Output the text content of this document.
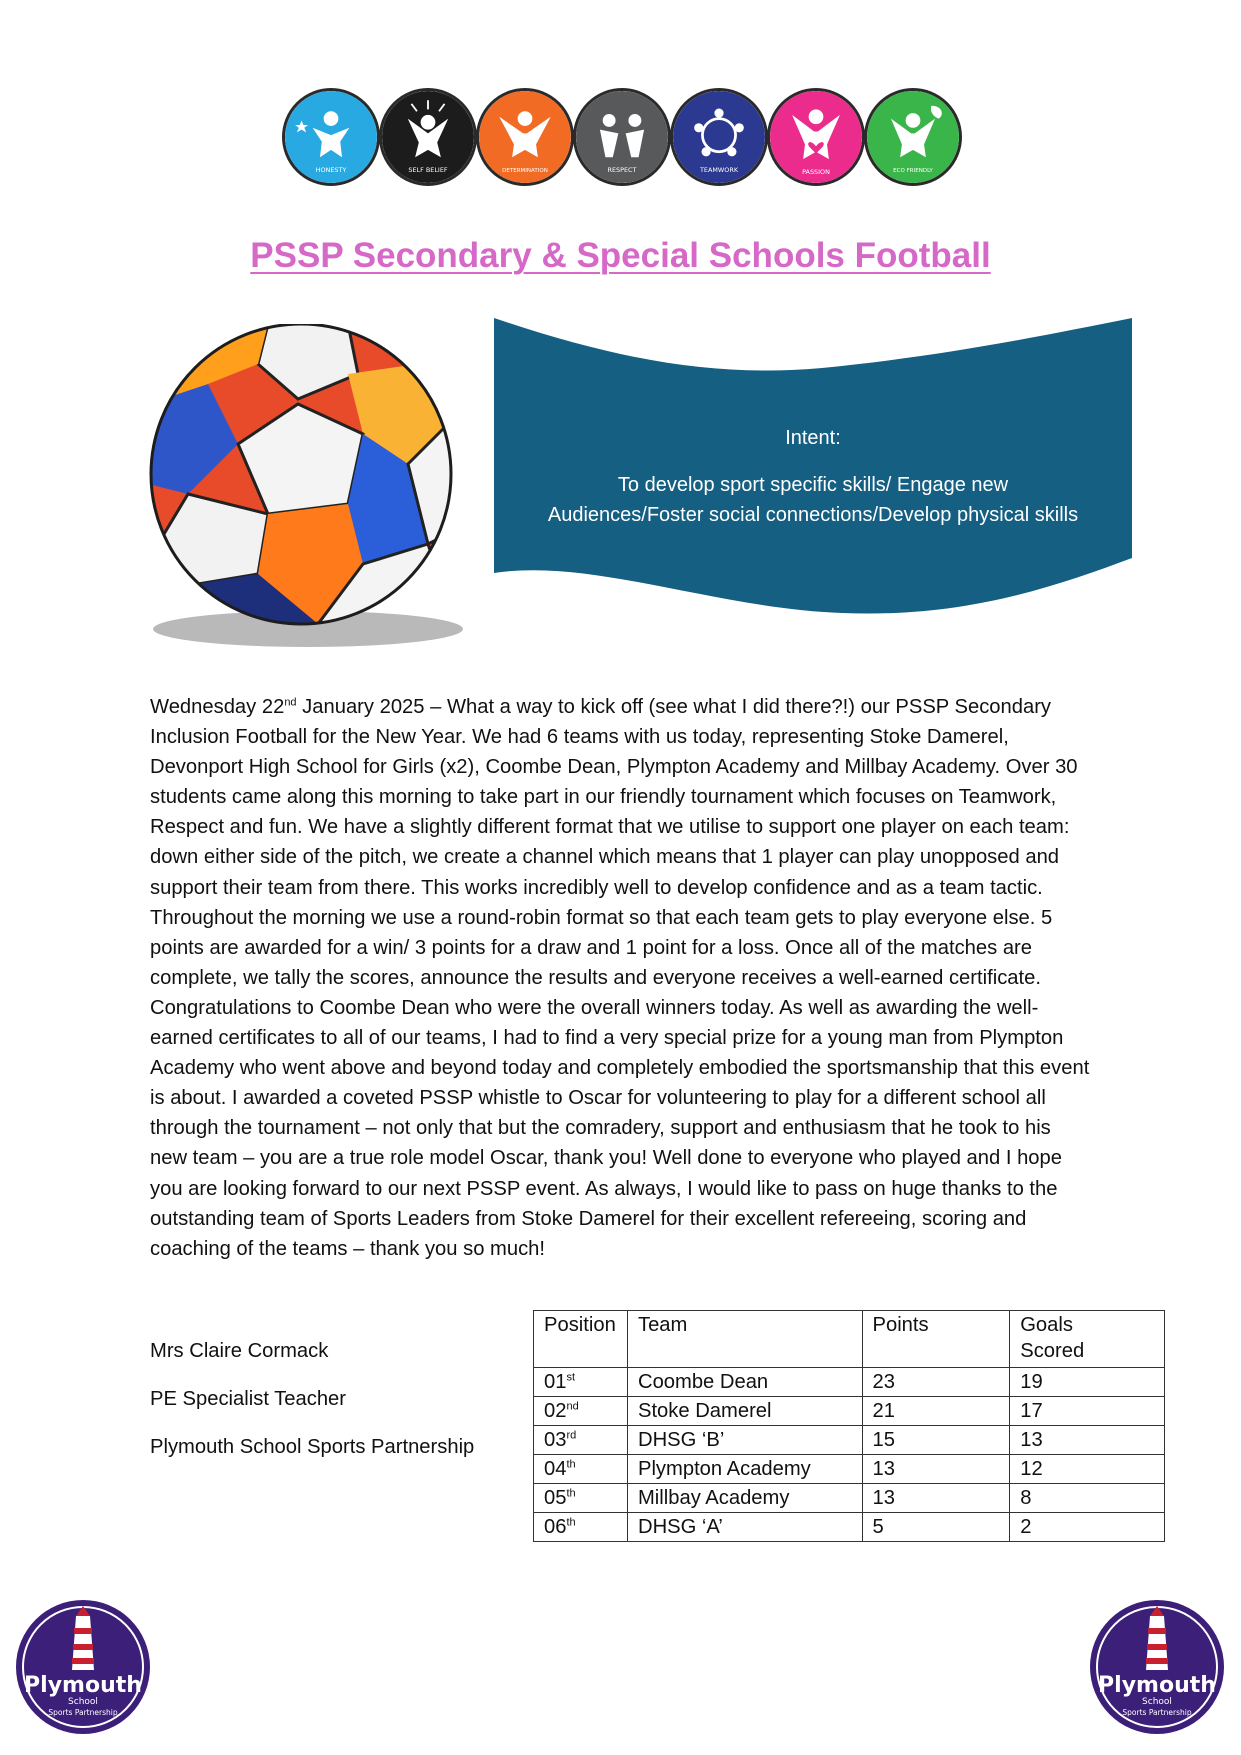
HONESTY	SELF BELIEF	DETERMINATION	RESPECT	TEAMWORK	PASSION	ECO FRIENDLY
PSSP Secondary & Special Schools Football
Intent:
To develop sport specific skills/ Engage new
Audiences/Foster social connections/Develop physical skills

Wednesday 22nd January 2025 – What a way to kick off (see what I did there?!) our PSSP Secondary Inclusion Football for the New Year. We had 6 teams with us today, representing Stoke Damerel, Devonport High School for Girls (x2), Coombe Dean, Plympton Academy and Millbay Academy. Over 30 students came along this morning to take part in our friendly tournament which focuses on Teamwork, Respect and fun. We have a slightly different format that we utilise to support one player on each team: down either side of the pitch, we create a channel which means that 1 player can play unopposed and support their team from there. This works incredibly well to develop confidence and as a team tactic. Throughout the morning we use a round-robin format so that each team gets to play everyone else. 5 points are awarded for a win/ 3 points for a draw and 1 point for a loss. Once all of the matches are complete, we tally the scores, announce the results and everyone receives a well-earned certificate. Congratulations to Coombe Dean who were the overall winners today. As well as awarding the well-earned certificates to all of our teams, I had to find a very special prize for a young man from Plympton Academy who went above and beyond today and completely embodied the sportsmanship that this event is about. I awarded a coveted PSSP whistle to Oscar for volunteering to play for a different school all through the tournament – not only that but the comradery, support and enthusiasm that he took to his new team – you are a true role model Oscar, thank you! Well done to everyone who played and I hope you are looking forward to our next PSSP event. As always, I would like to pass on huge thanks to the outstanding team of Sports Leaders from Stoke Damerel for their excellent refereeing, scoring and coaching of the teams – thank you so much!

Mrs Claire Cormack

PE Specialist Teacher

Plymouth School Sports Partnership

Position	Team	Points	Goals
Scored

01st	Coombe Dean	23	19
02nd	Stoke Damerel	21	17
03rd	DHSG ‘B’	15	13
04th	Plympton Academy	13	12
05th	Millbay Academy	13	8
06th	DHSG ‘A’	5	2
Plymouth
School
Sports Partnership
Plymouth
School
Sports Partnership
